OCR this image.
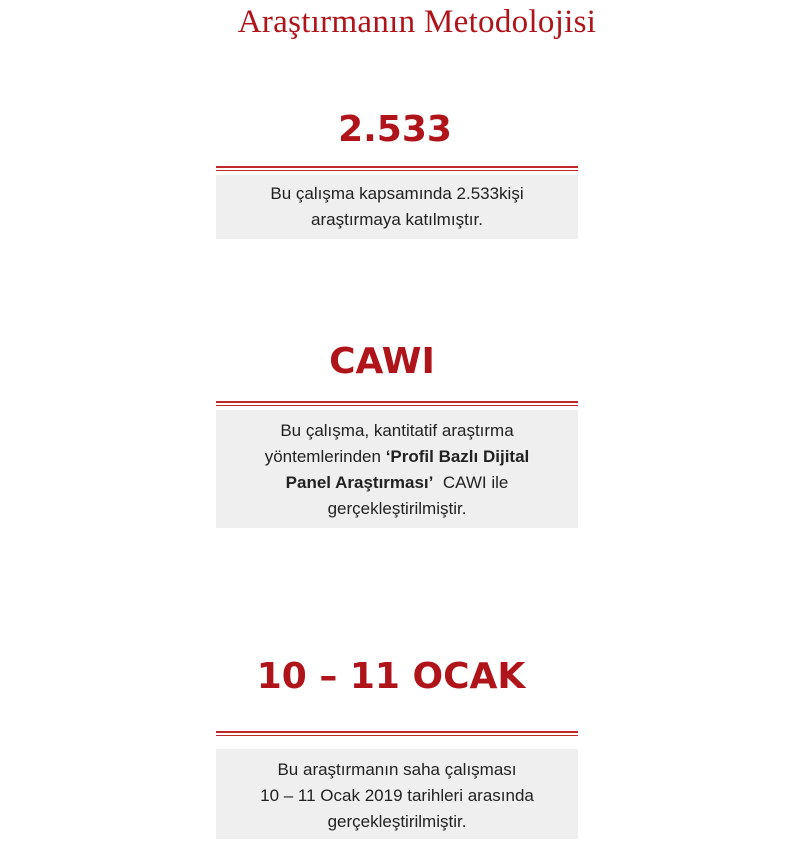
Araştırmanın Metodolojisi
2.533
Bu çalışma kapsamında 2.533kişi
araştırmaya katılmıştır.
CAWI
Bu çalışma, kantitatif araştırma
yöntemlerinden ‘Profil Bazlı Dijital
Panel Araştırması’  CAWI ile
gerçekleştirilmiştir.
10 – 11 OCAK
Bu araştırmanın saha çalışması
10 – 11 Ocak 2019 tarihleri arasında
gerçekleştirilmiştir.
